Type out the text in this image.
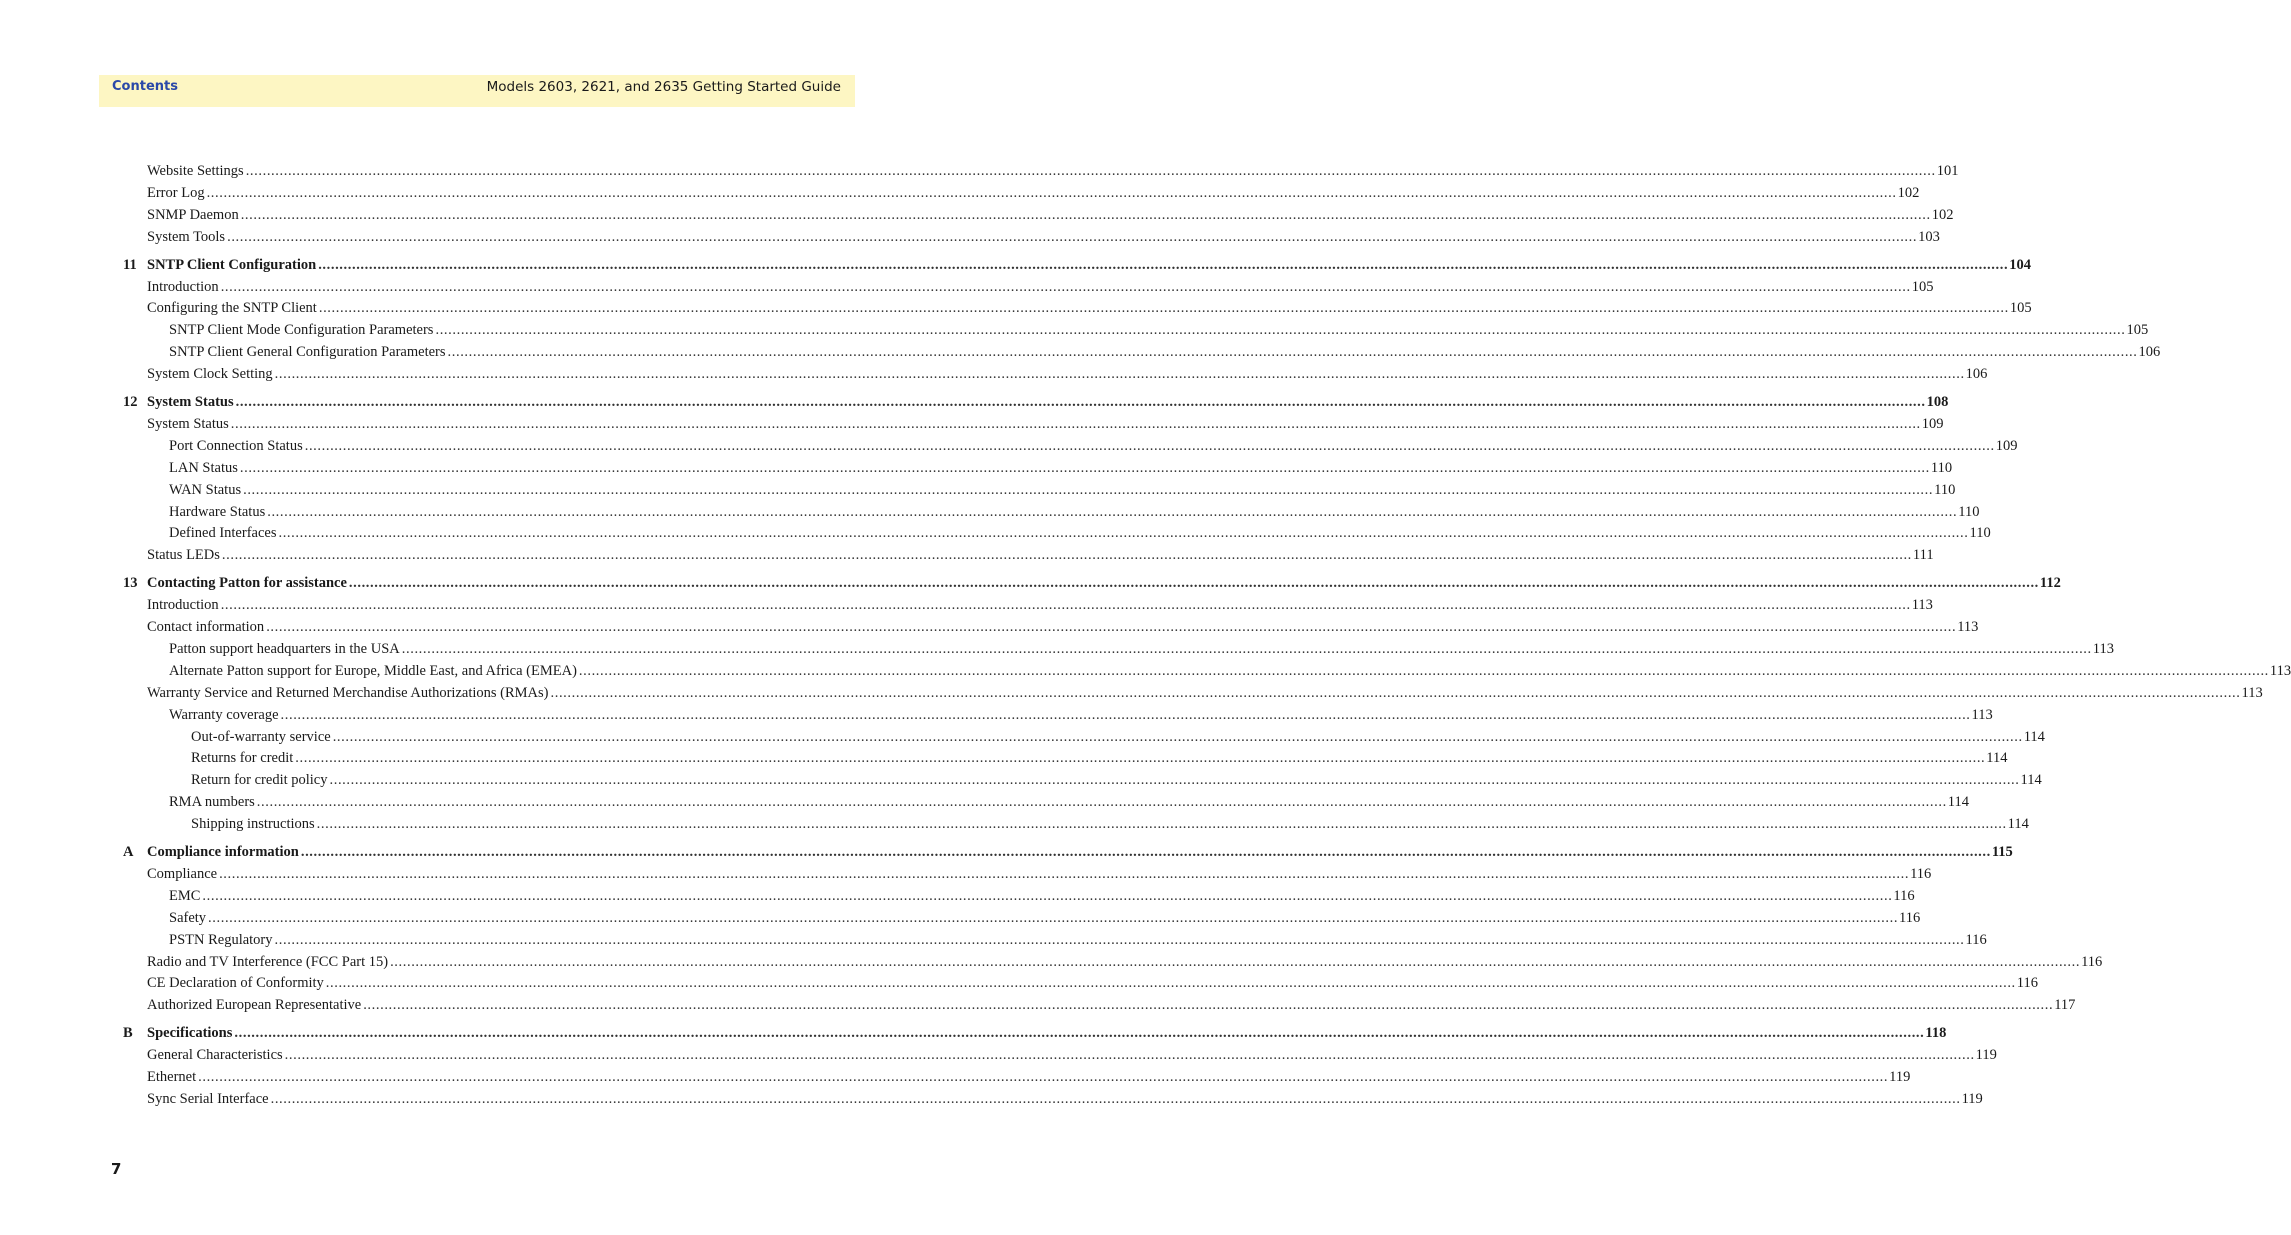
Contents	Models 2603, 2621, and 2635 Getting Started Guide
Website Settings ................................................................................................................................................................................................................................................................................................................................................................................................................ 101
Error Log ................................................................................................................................................................................................................................................................................................................................................................................................................ 102
SNMP Daemon ................................................................................................................................................................................................................................................................................................................................................................................................................ 102
System Tools ................................................................................................................................................................................................................................................................................................................................................................................................................ 103
11 SNTP Client Configuration ................................................................................................................................................................................................................................................................................................................................................................................................................ 104
Introduction ................................................................................................................................................................................................................................................................................................................................................................................................................ 105
Configuring the SNTP Client ................................................................................................................................................................................................................................................................................................................................................................................................................ 105
SNTP Client Mode Configuration Parameters ................................................................................................................................................................................................................................................................................................................................................................................................................ 105
SNTP Client General Configuration Parameters ................................................................................................................................................................................................................................................................................................................................................................................................................ 106
System Clock Setting ................................................................................................................................................................................................................................................................................................................................................................................................................ 106
12 System Status ................................................................................................................................................................................................................................................................................................................................................................................................................ 108
System Status ................................................................................................................................................................................................................................................................................................................................................................................................................ 109
Port Connection Status ................................................................................................................................................................................................................................................................................................................................................................................................................ 109
LAN Status ................................................................................................................................................................................................................................................................................................................................................................................................................ 110
WAN Status ................................................................................................................................................................................................................................................................................................................................................................................................................ 110
Hardware Status ................................................................................................................................................................................................................................................................................................................................................................................................................ 110
Defined Interfaces ................................................................................................................................................................................................................................................................................................................................................................................................................ 110
Status LEDs ................................................................................................................................................................................................................................................................................................................................................................................................................ 111
13 Contacting Patton for assistance ................................................................................................................................................................................................................................................................................................................................................................................................................ 112
Introduction ................................................................................................................................................................................................................................................................................................................................................................................................................ 113
Contact information ................................................................................................................................................................................................................................................................................................................................................................................................................ 113
Patton support headquarters in the USA ................................................................................................................................................................................................................................................................................................................................................................................................................ 113
Alternate Patton support for Europe, Middle East, and Africa (EMEA) ................................................................................................................................................................................................................................................................................................................................................................................................................ 113
Warranty Service and Returned Merchandise Authorizations (RMAs) ................................................................................................................................................................................................................................................................................................................................................................................................................ 113
Warranty coverage ................................................................................................................................................................................................................................................................................................................................................................................................................ 113
Out-of-warranty service ................................................................................................................................................................................................................................................................................................................................................................................................................ 114
Returns for credit ................................................................................................................................................................................................................................................................................................................................................................................................................ 114
Return for credit policy ................................................................................................................................................................................................................................................................................................................................................................................................................ 114
RMA numbers ................................................................................................................................................................................................................................................................................................................................................................................................................ 114
Shipping instructions ................................................................................................................................................................................................................................................................................................................................................................................................................ 114
A Compliance information ................................................................................................................................................................................................................................................................................................................................................................................................................ 115
Compliance ................................................................................................................................................................................................................................................................................................................................................................................................................ 116
EMC ................................................................................................................................................................................................................................................................................................................................................................................................................ 116
Safety ................................................................................................................................................................................................................................................................................................................................................................................................................ 116
PSTN Regulatory ................................................................................................................................................................................................................................................................................................................................................................................................................ 116
Radio and TV Interference (FCC Part 15) ................................................................................................................................................................................................................................................................................................................................................................................................................ 116
CE Declaration of Conformity ................................................................................................................................................................................................................................................................................................................................................................................................................ 116
Authorized European Representative ................................................................................................................................................................................................................................................................................................................................................................................................................ 117
B Specifications ................................................................................................................................................................................................................................................................................................................................................................................................................ 118
General Characteristics ................................................................................................................................................................................................................................................................................................................................................................................................................ 119
Ethernet ................................................................................................................................................................................................................................................................................................................................................................................................................ 119
Sync Serial Interface ................................................................................................................................................................................................................................................................................................................................................................................................................ 119
7
